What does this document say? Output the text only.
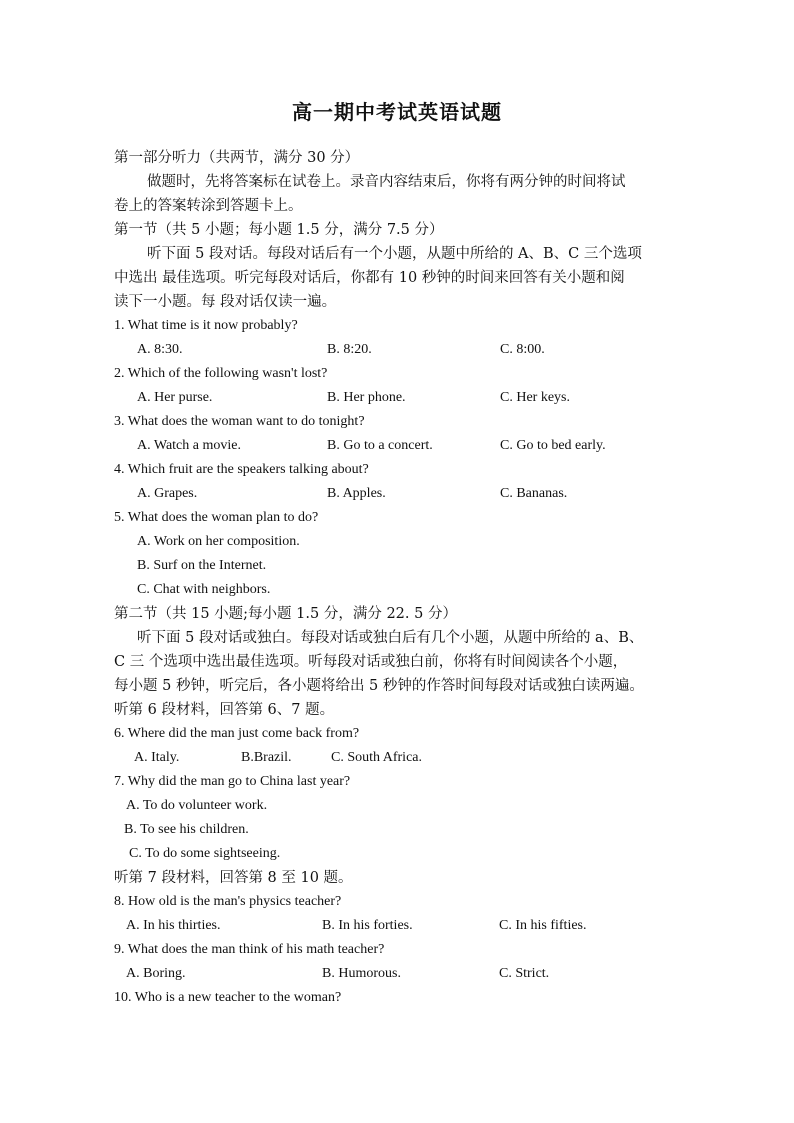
高一期中考试英语试题
第一部分听力（共两节，满分 30 分）
做题时，先将答案标在试卷上。录音内容结束后，你将有两分钟的时间将试
卷上的答案转涂到答题卡上。
第一节（共 5 小题；每小题 1.5 分，满分 7.5 分）
听下面 5 段对话。每段对话后有一个小题，从题中所给的 A、B、C 三个选项
中选出 最佳选项。听完每段对话后，你都有 10 秒钟的时间来回答有关小题和阅
读下一小题。每 段对话仅读一遍。
1. What time is it now probably?
A. 8:30.	B. 8:20.	C. 8:00.
2. Which of the following wasn't lost?
A. Her purse.	B. Her phone.	C. Her keys.
3. What does the woman want to do tonight?
A. Watch a movie.	B. Go to a concert.	C. Go to bed early.
4. Which fruit are the speakers talking about?
A. Grapes.	B. Apples.	C. Bananas.
5. What does the woman plan to do?
A. Work on her composition.
B. Surf on the Internet.
C. Chat with neighbors.
第二节（共 15 小题;每小题 1.5 分，满分 22. 5 分）
听下面 5 段对话或独白。每段对话或独白后有几个小题，从题中所给的 a、B、
C 三 个选项中选出最佳选项。听每段对话或独白前，你将有时间阅读各个小题，
每小题 5 秒钟，听完后，各小题将给出 5 秒钟的作答时间每段对话或独白读两遍。
听第 6 段材料，回答第 6、7 题。
6. Where did the man just come back from?
A. Italy.	B.Brazil.	C. South Africa.
7. Why did the man go to China last year?
A. To do volunteer work.
B. To see his children.
C. To do some sightseeing.
听第 7 段材料，回答第 8 至 10 题。
8. How old is the man's physics teacher?
A. In his thirties.	B. In his forties.	C. In his fifties.
9. What does the man think of his math teacher?
A. Boring.	B. Humorous.	C. Strict.
10. Who is a new teacher to the woman?
